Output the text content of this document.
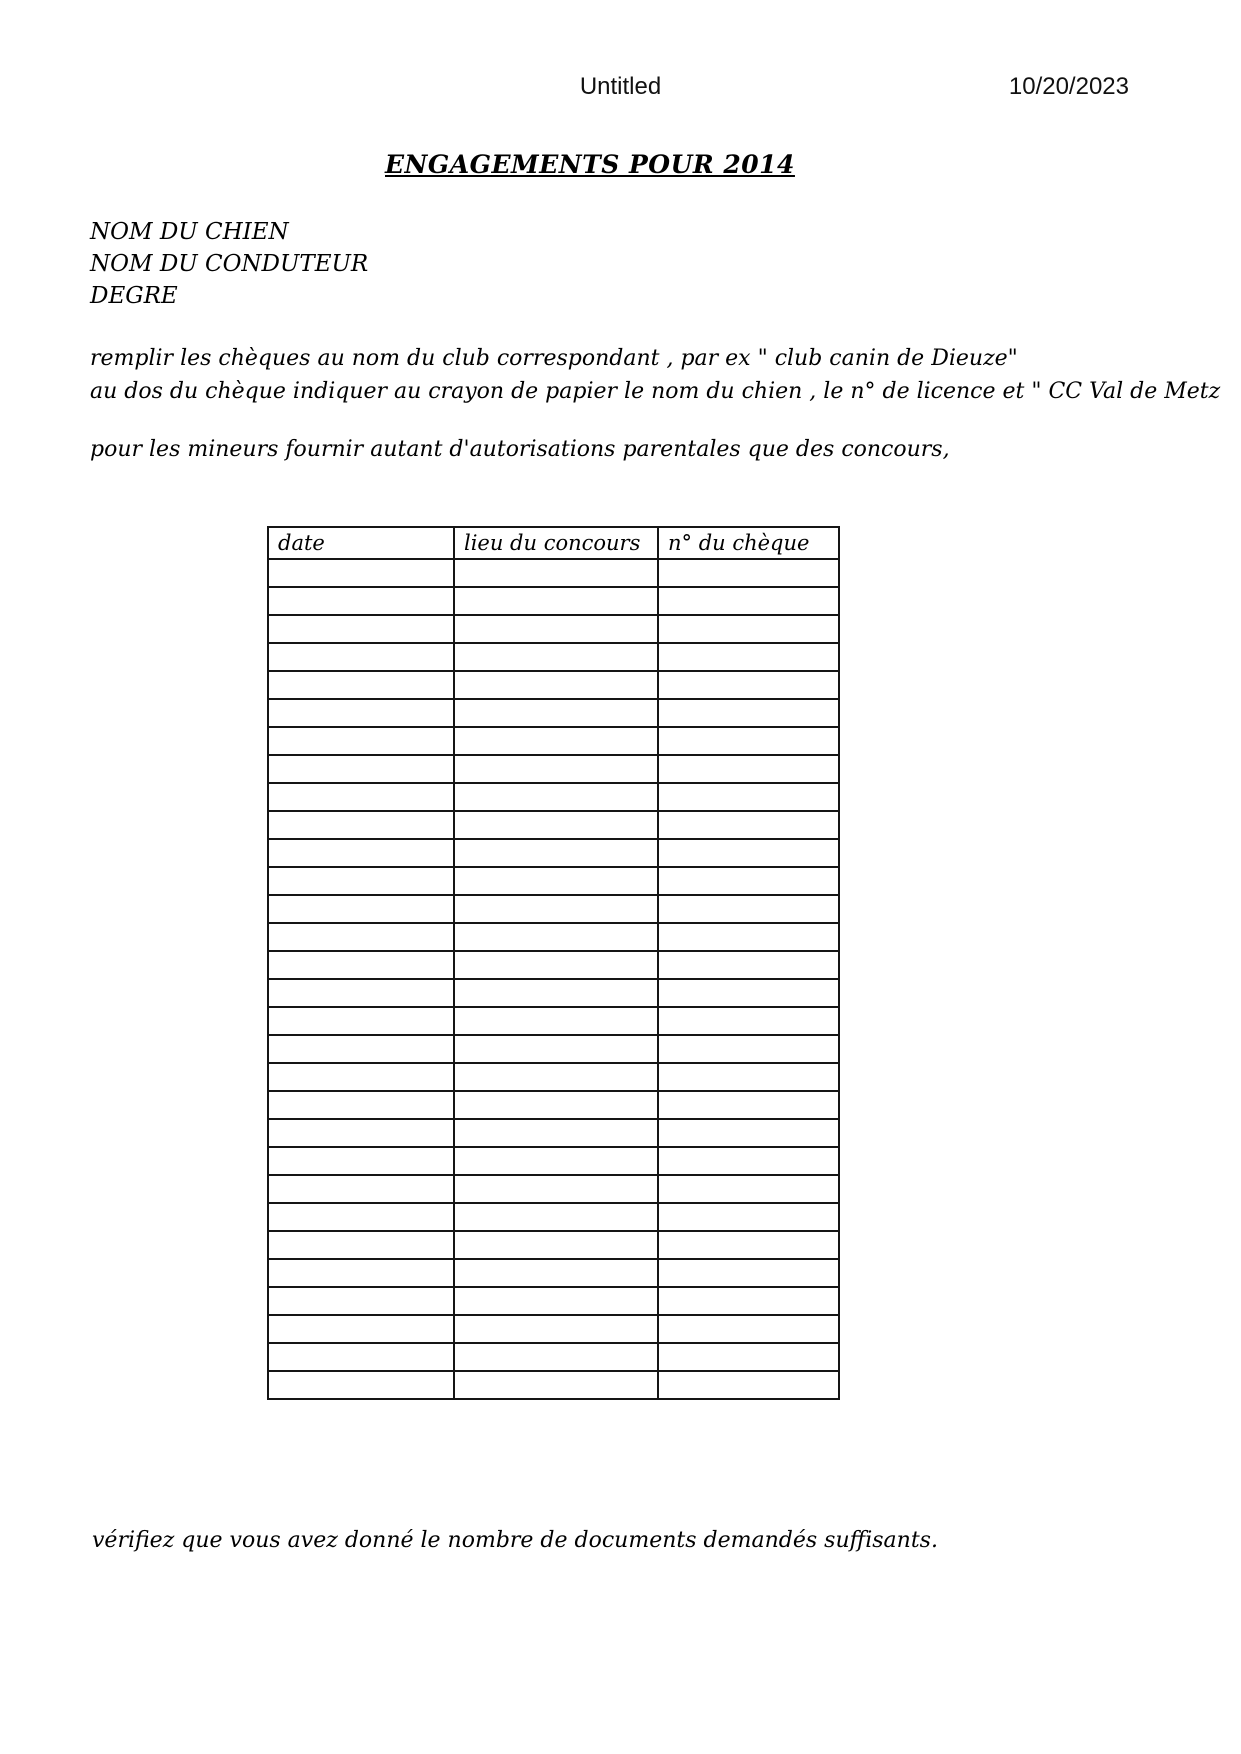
Untitled	10/20/2023
ENGAGEMENTS POUR 2014
NOM DU CHIEN
NOM DU CONDUTEUR
DEGRE
remplir les chèques au nom du club correspondant , par ex " club canin de Dieuze"
au dos du chèque indiquer au crayon de papier le nom du chien , le n° de licence et " CC Val de Metz
pour les mineurs fournir autant d'autorisations parentales que des concours,
date	lieu du concours	n° du chèque

vérifiez que vous avez donné le nombre de documents demandés suffisants.
